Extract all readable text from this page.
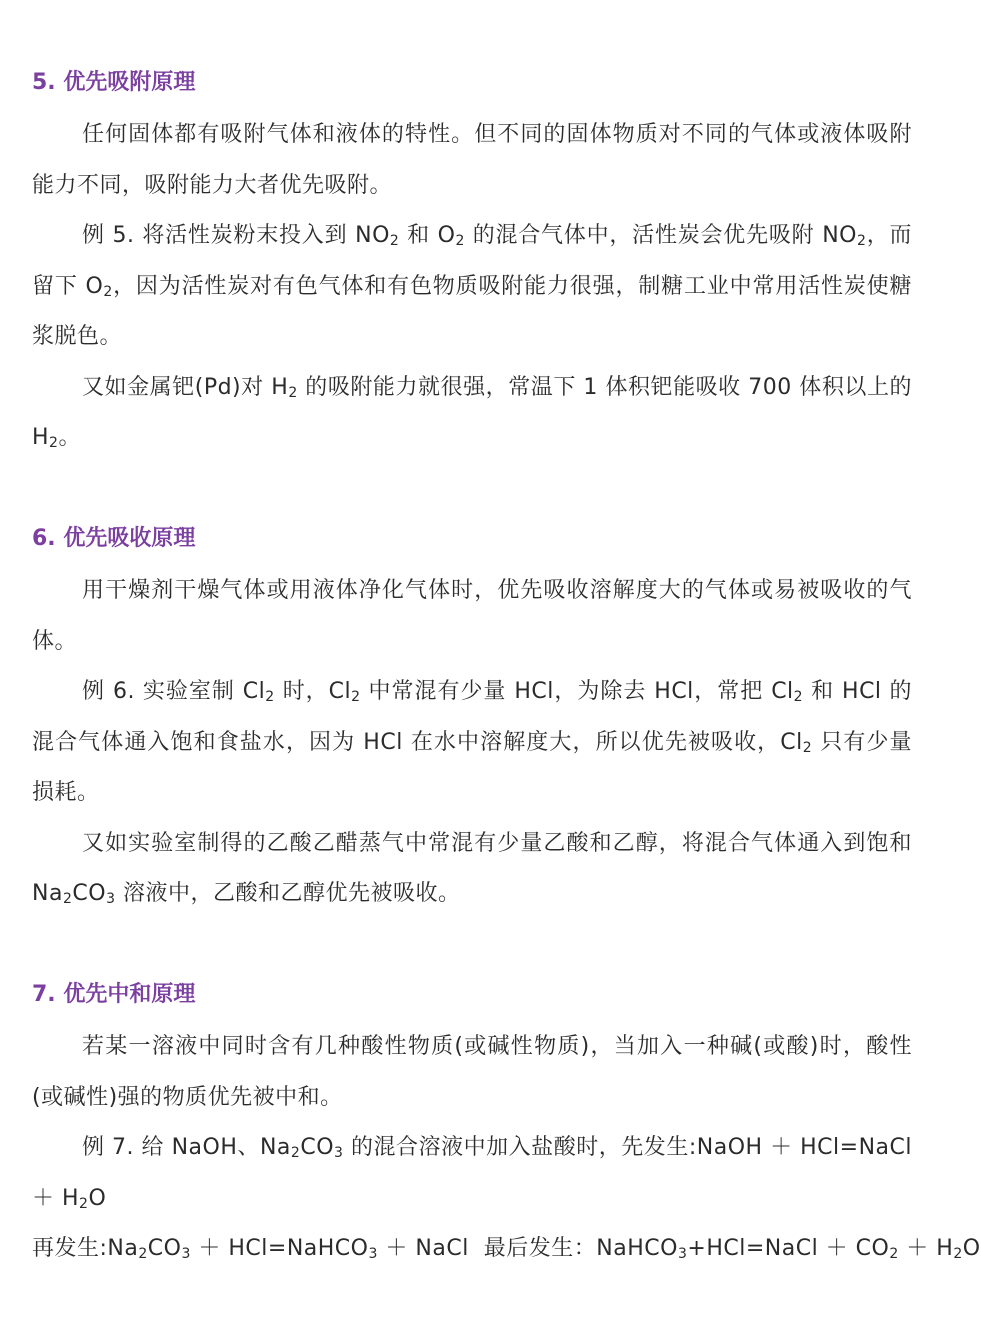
5. 优先吸附原理

任何固体都有吸附气体和液体的特性。但不同的固体物质对不同的气体或液体吸附能力不同，吸附能力大者优先吸附。

例 5. 将活性炭粉末投入到 $NO_2$ 和 $O_2$ 的混合气体中，活性炭会优先吸附 $NO_2$，而留下 $O_2$，因为活性炭对有色气体和有色物质吸附能力很强，制糖工业中常用活性炭使糖浆脱色。

又如金属钯(Pd)对 $H_2$ 的吸附能力就很强，常温下 1 体积钯能吸收 700 体积以上的 $H_2$。

6. 优先吸收原理

用干燥剂干燥气体或用液体净化气体时，优先吸收溶解度大的气体或易被吸收的气体。

例 6. 实验室制 $Cl_2$ 时，$Cl_2$ 中常混有少量 HCl，为除去 HCl，常把 $Cl_2$ 和 HCl 的混合气体通入饱和食盐水，因为 HCl 在水中溶解度大，所以优先被吸收，$Cl_2$ 只有少量损耗。

又如实验室制得的乙酸乙醋蒸气中常混有少量乙酸和乙醇，将混合气体通入到饱和 $Na_2CO_3$ 溶液中，乙酸和乙醇优先被吸收。

7. 优先中和原理

若某一溶液中同时含有几种酸性物质(或碱性物质)，当加入一种碱(或酸)时，酸性(或碱性)强的物质优先被中和。

例 7. 给 NaOH、$Na_2CO_3$ 的混合溶液中加入盐酸时，先发生:NaOH ＋ HCl=NaCl ＋ $H_2O$

再发生$:Na_2CO_3$ ＋ HCl=NaHCO$_3$ ＋ NaCl  最后发生：NaHCO$_3$+HCl=NaCl ＋ $CO_2 + H_2O$
